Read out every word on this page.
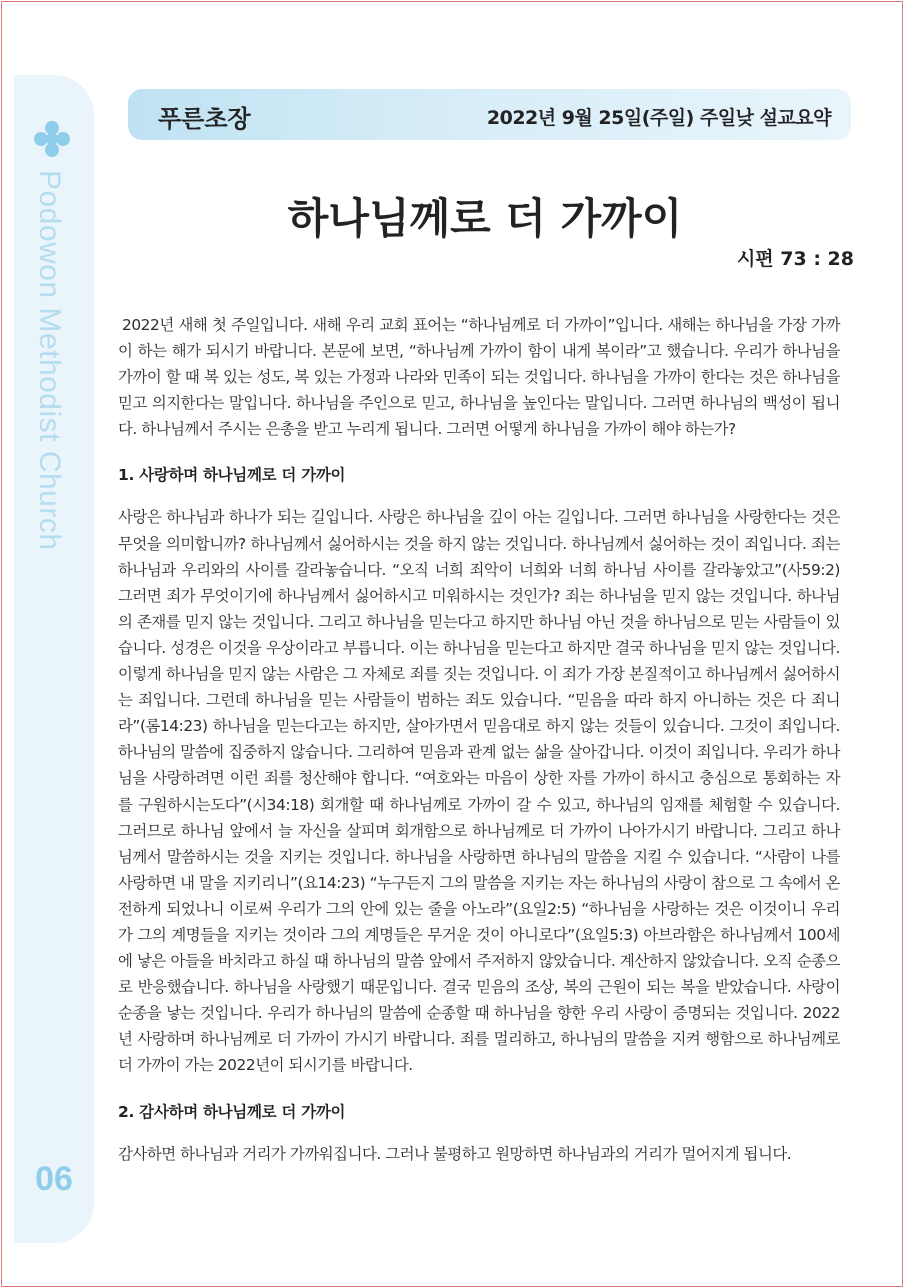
Podowon Methodist Church
06
푸른초장	2022년 9월 25일(주일) 주일낮 설교요약
하나님께로 더 가까이
시편 73 : 28

2022년 새해 첫 주일입니다. 새해 우리 교회 표어는 “하나님께로 더 가까이”입니다. 새해는 하나님을 가장 가까이 하는 해가 되시기 바랍니다. 본문에 보면, “하나님께 가까이 함이 내게 복이라”고 했습니다. 우리가 하나님을 가까이 할 때 복 있는 성도, 복 있는 가정과 나라와 민족이 되는 것입니다. 하나님을 가까이 한다는 것은 하나님을 믿고 의지한다는 말입니다. 하나님을 주인으로 믿고, 하나님을 높인다는 말입니다. 그러면 하나님의 백성이 됩니다. 하나님께서 주시는 은총을 받고 누리게 됩니다. 그러면 어떻게 하나님을 가까이 해야 하는가?

1. 사랑하며 하나님께로 더 가까이

사랑은 하나님과 하나가 되는 길입니다. 사랑은 하나님을 깊이 아는 길입니다. 그러면 하나님을 사랑한다는 것은 무엇을 의미합니까? 하나님께서 싫어하시는 것을 하지 않는 것입니다. 하나님께서 싫어하는 것이 죄입니다. 죄는 하나님과 우리와의 사이를 갈라놓습니다. “오직 너희 죄악이 너희와 너희 하나님 사이를 갈라놓았고”(사59:2) 그러면 죄가 무엇이기에 하나님께서 싫어하시고 미워하시는 것인가? 죄는 하나님을 믿지 않는 것입니다. 하나님의 존재를 믿지 않는 것입니다. 그리고 하나님을 믿는다고 하지만 하나님 아닌 것을 하나님으로 믿는 사람들이 있습니다. 성경은 이것을 우상이라고 부릅니다. 이는 하나님을 믿는다고 하지만 결국 하나님을 믿지 않는 것입니다. 이렇게 하나님을 믿지 않는 사람은 그 자체로 죄를 짓는 것입니다. 이 죄가 가장 본질적이고 하나님께서 싫어하시는 죄입니다. 그런데 하나님을 믿는 사람들이 범하는 죄도 있습니다. “믿음을 따라 하지 아니하는 것은 다 죄니라”(롬14:23) 하나님을 믿는다고는 하지만, 살아가면서 믿음대로 하지 않는 것들이 있습니다. 그것이 죄입니다. 하나님의 말씀에 집중하지 않습니다. 그리하여 믿음과 관계 없는 삶을 살아갑니다. 이것이 죄입니다. 우리가 하나님을 사랑하려면 이런 죄를 청산해야 합니다. “여호와는 마음이 상한 자를 가까이 하시고 충심으로 통회하는 자를 구원하시는도다”(시34:18) 회개할 때 하나님께로 가까이 갈 수 있고, 하나님의 임재를 체험할 수 있습니다. 그러므로 하나님 앞에서 늘 자신을 살피며 회개함으로 하나님께로 더 가까이 나아가시기 바랍니다. 그리고 하나님께서 말씀하시는 것을 지키는 것입니다. 하나님을 사랑하면 하나님의 말씀을 지킬 수 있습니다. “사람이 나를 사랑하면 내 말을 지키리니”(요14:23) “누구든지 그의 말씀을 지키는 자는 하나님의 사랑이 참으로 그 속에서 온전하게 되었나니 이로써 우리가 그의 안에 있는 줄을 아노라”(요일2:5) “하나님을 사랑하는 것은 이것이니 우리가 그의 계명들을 지키는 것이라 그의 계명들은 무거운 것이 아니로다”(요일5:3) 아브라함은 하나님께서 100세에 낳은 아들을 바치라고 하실 때 하나님의 말씀 앞에서 주저하지 않았습니다. 계산하지 않았습니다. 오직 순종으로 반응했습니다. 하나님을 사랑했기 때문입니다. 결국 믿음의 조상, 복의 근원이 되는 복을 받았습니다. 사랑이 순종을 낳는 것입니다. 우리가 하나님의 말씀에 순종할 때 하나님을 향한 우리 사랑이 증명되는 것입니다. 2022년 사랑하며 하나님께로 더 가까이 가시기 바랍니다. 죄를 멀리하고, 하나님의 말씀을 지켜 행함으로 하나님께로 더 가까이 가는 2022년이 되시기를 바랍니다.

2. 감사하며 하나님께로 더 가까이

감사하면 하나님과 거리가 가까워집니다. 그러나 불평하고 원망하면 하나님과의 거리가 멀어지게 됩니다.
